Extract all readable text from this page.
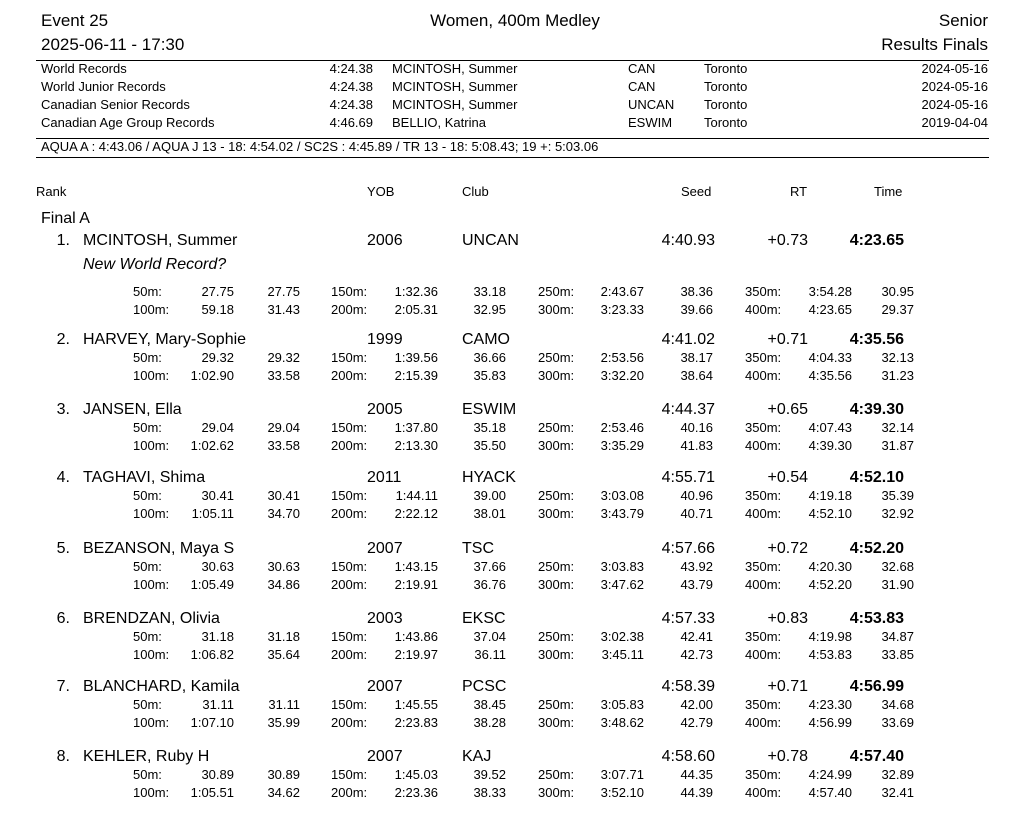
Event 25	Women, 400m Medley	Senior
2025-06-11 - 17:30	Results Finals
World Records	4:24.38 MCINTOSH, Summer	CAN	Toronto	2024-05-16
World Junior Records	4:24.38 MCINTOSH, Summer	CAN	Toronto	2024-05-16
Canadian Senior Records	4:24.38 MCINTOSH, Summer	UNCAN Toronto	2024-05-16
Canadian Age Group Records	4:46.69 BELLIO, Katrina	ESWIM Toronto	2019-04-04
AQUA A : 4:43.06 / AQUA J 13 - 18: 4:54.02 / SC2S : 4:45.89 / TR 13 - 18: 5:08.43; 19 +: 5:03.06
Rank	YOB	Club	Seed	RT	Time
Final A
1. MCINTOSH, Summer	2006	UNCAN	4:40.93	+0.73	4:23.65
New World Record?
50m:	27.75	27.75 150m:	1:32.36	33.18 250m:	2:43.67	38.36 350m:	3:54.28	30.95
100m:	59.18	31.43 200m:	2:05.31	32.95 300m:	3:23.33	39.66 400m:	4:23.65	29.37
2. HARVEY, Mary-Sophie	1999	CAMO	4:41.02	+0.71	4:35.56
50m:	29.32	29.32 150m:	1:39.56	36.66 250m:	2:53.56	38.17 350m:	4:04.33	32.13
100m:	1:02.90	33.58 200m:	2:15.39	35.83 300m:	3:32.20	38.64 400m:	4:35.56	31.23
3. JANSEN, Ella	2005	ESWIM	4:44.37	+0.65	4:39.30
50m:	29.04	29.04 150m:	1:37.80	35.18 250m:	2:53.46	40.16 350m:	4:07.43	32.14
100m:	1:02.62	33.58 200m:	2:13.30	35.50 300m:	3:35.29	41.83 400m:	4:39.30	31.87
4. TAGHAVI, Shima	2011	HYACK	4:55.71	+0.54	4:52.10
50m:	30.41	30.41 150m:	1:44.11	39.00 250m:	3:03.08	40.96 350m:	4:19.18	35.39
100m:	1:05.11	34.70 200m:	2:22.12	38.01 300m:	3:43.79	40.71 400m:	4:52.10	32.92
5. BEZANSON, Maya S	2007	TSC	4:57.66	+0.72	4:52.20
50m:	30.63	30.63 150m:	1:43.15	37.66 250m:	3:03.83	43.92 350m:	4:20.30	32.68
100m:	1:05.49	34.86 200m:	2:19.91	36.76 300m:	3:47.62	43.79 400m:	4:52.20	31.90
6. BRENDZAN, Olivia	2003	EKSC	4:57.33	+0.83	4:53.83
50m:	31.18	31.18 150m:	1:43.86	37.04 250m:	3:02.38	42.41 350m:	4:19.98	34.87
100m:	1:06.82	35.64 200m:	2:19.97	36.11 300m:	3:45.11	42.73 400m:	4:53.83	33.85
7. BLANCHARD, Kamila	2007	PCSC	4:58.39	+0.71	4:56.99
50m:	31.11	31.11 150m:	1:45.55	38.45 250m:	3:05.83	42.00 350m:	4:23.30	34.68
100m:	1:07.10	35.99 200m:	2:23.83	38.28 300m:	3:48.62	42.79 400m:	4:56.99	33.69
8. KEHLER, Ruby H	2007	KAJ	4:58.60	+0.78	4:57.40
50m:	30.89	30.89 150m:	1:45.03	39.52 250m:	3:07.71	44.35 350m:	4:24.99	32.89
100m:	1:05.51	34.62 200m:	2:23.36	38.33 300m:	3:52.10	44.39 400m:	4:57.40	32.41
